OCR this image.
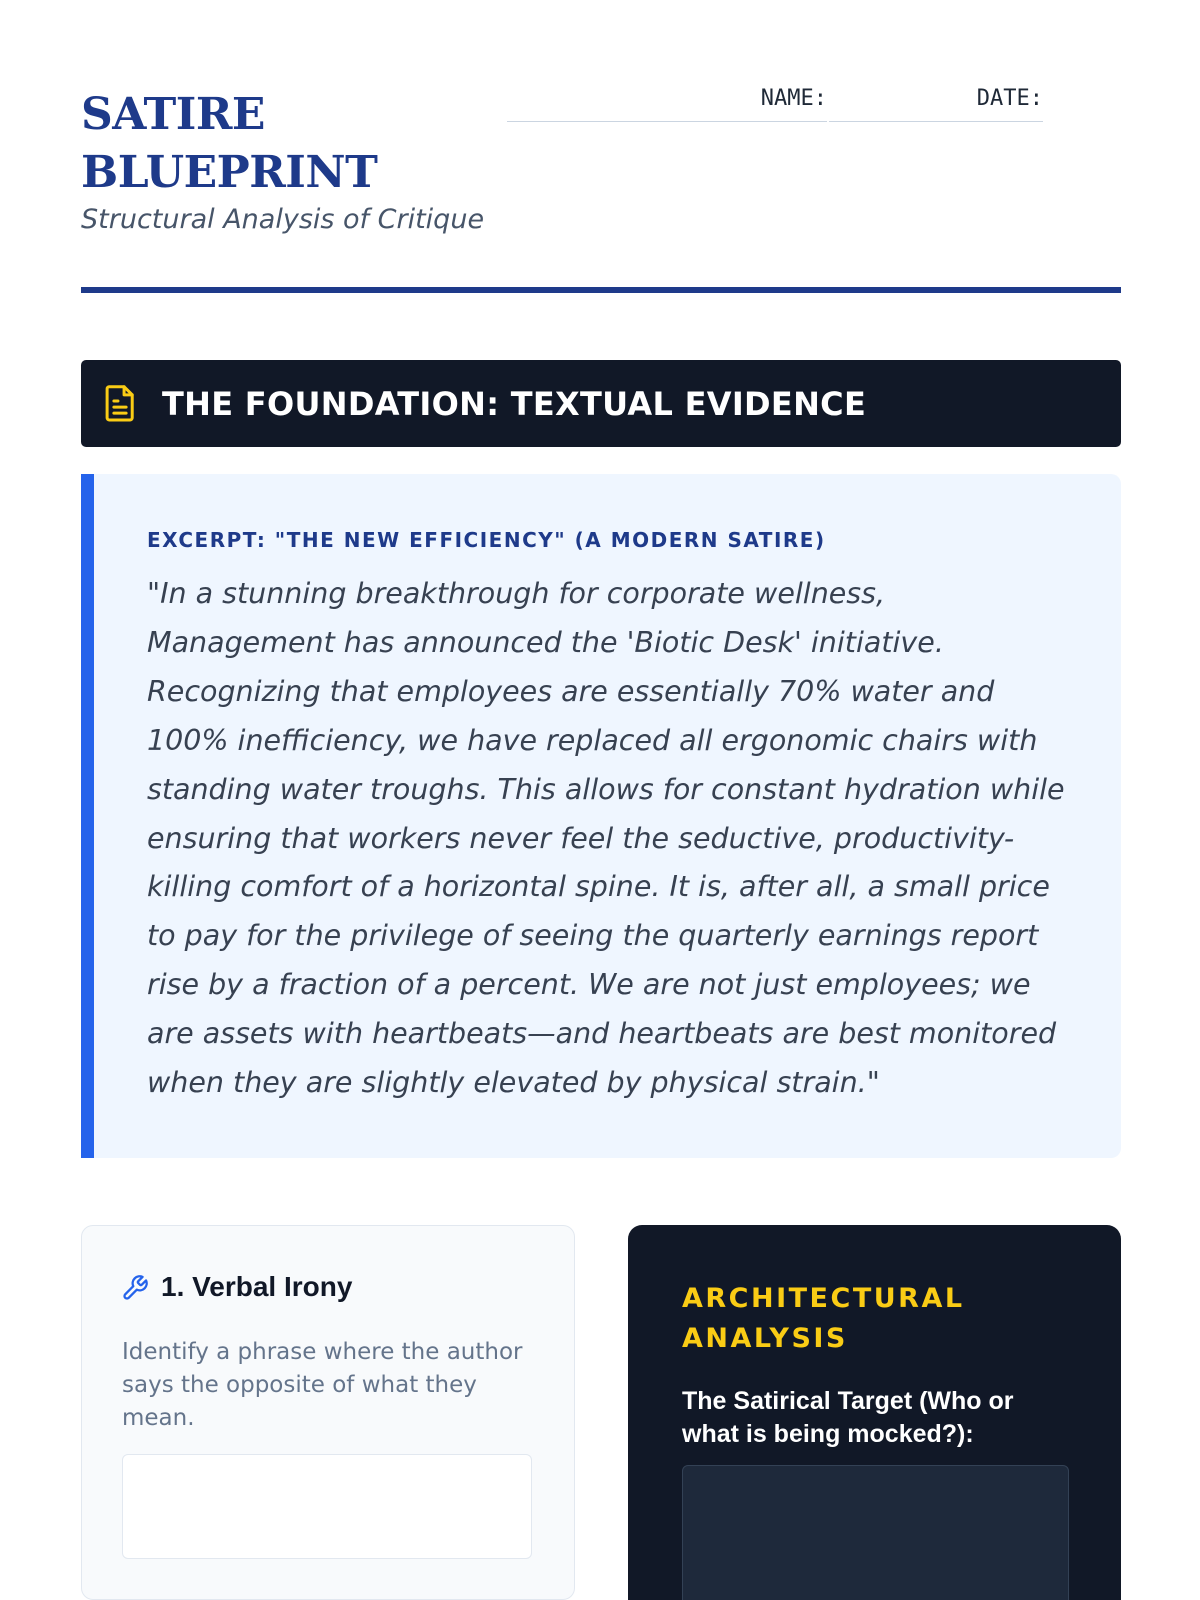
SATIRE
BLUEPRINT
Structural Analysis of Critique
NAME:	DATE:
THE FOUNDATION: TEXTUAL EVIDENCE
EXCERPT: "THE NEW EFFICIENCY" (A MODERN SATIRE)

"In a stunning breakthrough for corporate wellness, Management has announced the 'Biotic Desk' initiative. Recognizing that employees are essentially 70% water and 100% inefficiency, we have replaced all ergonomic chairs with standing water troughs. This allows for constant hydration while ensuring that workers never feel the seductive, productivity-killing comfort of a horizontal spine. It is, after all, a small price to pay for the privilege of seeing the quarterly earnings report rise by a fraction of a percent. We are not just employees; we are assets with heartbeats—and heartbeats are best monitored when they are slightly elevated by physical strain."

1. Verbal Irony

Identify a phrase where the author says the opposite of what they mean.

ARCHITECTURAL ANALYSIS
The Satirical Target (Who or what is being mocked?):
